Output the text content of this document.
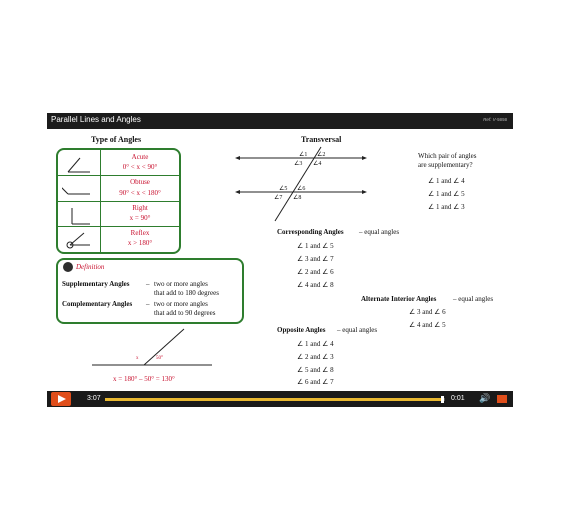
Parallel Lines and Angles	Ref: V-5656
Type of Angles
Acute
0° < x < 90°
Obtuse
90° < x < 180°
Right
x = 90°
Reflex
x > 180°
Definition
Supplementary Angles – two or more angles
that add to 180 degrees
Complementary Angles – two or more angles
that add to 90 degrees
x	50°
x = 180° – 50° = 130°
Transversal
∠1 ∠2
∠3 ∠4
∠5 ∠6
∠7 ∠8
Which pair of angles
are supplementary?
∠ 1 and ∠ 4
∠ 1 and ∠ 5
∠ 1 and ∠ 3
Corresponding Angles – equal angles
∠ 1 and ∠ 5
∠ 3 and ∠ 7
∠ 2 and ∠ 6
∠ 4 and ∠ 8
Alternate Interior Angles – equal angles
∠ 3 and ∠ 6
∠ 4 and ∠ 5
Opposite Angles – equal angles
∠ 1 and ∠ 4
∠ 2 and ∠ 3
∠ 5 and ∠ 8
∠ 6 and ∠ 7
3:07	0:01 🔊
